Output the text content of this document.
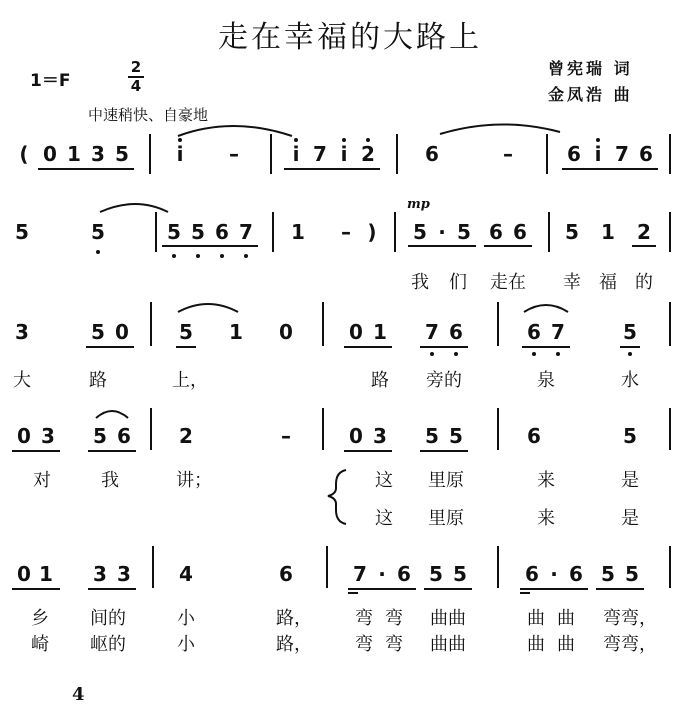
走在幸福的大路上
1＝F
2
4
曾宪瑞 词
金凤浩 曲
中速稍快、自豪地
mp
4
( 0 1 3 5	i	–	i 7 i 2	6	–	6 i 7 6
5	5	5 5 6 7 1	– )	5 · 5 6 6 5 1 2
我	们	走在	幸	福	的
3	5 0	5 1 0	0 1 7 6	6 7	5
大	路	上，	路	旁的	泉	水
0 3 5 6 2	–	0 3 5 5	6	5
对	我	讲；	这	里原	来	是
这	里原	来	是
0 1 3 3 4	6	7 · 6 5 5	6 · 6 5 5
乡	间的	小	路，	弯 弯	曲曲	曲 曲	弯弯，
崎	岖的	小	路，	弯 弯	曲曲	曲 曲	弯弯，
